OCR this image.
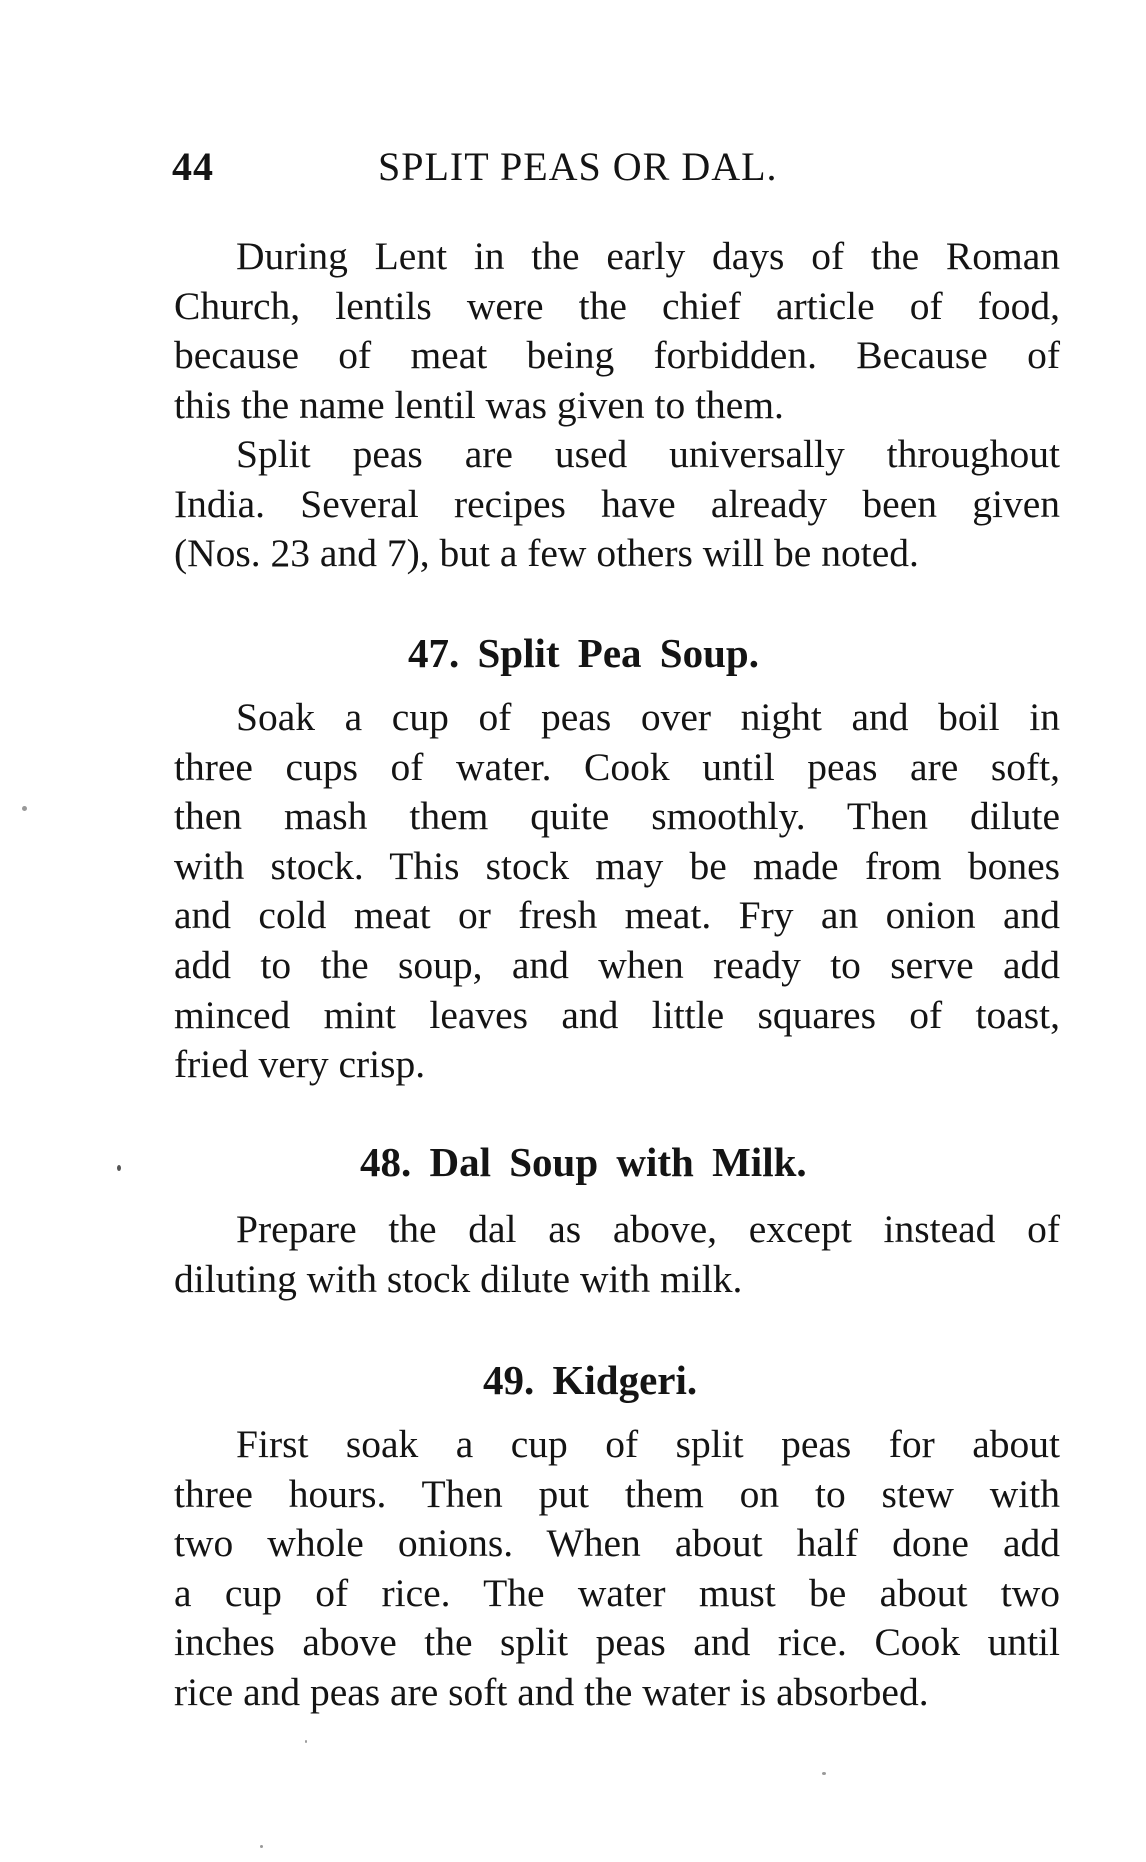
44	SPLIT PEAS OR DAL.

During Lent in the early days of the Roman

Church, lentils were the chief article of food,

because of meat being forbidden. Because of

this the name lentil was given to them.

Split peas are used universally throughout

India. Several recipes have already been given

(Nos. 23 and 7), but a few others will be noted.

47. Split Pea Soup.

Soak a cup of peas over night and boil in

three cups of water. Cook until peas are soft,

then mash them quite smoothly. Then dilute

with stock. This stock may be made from bones

and cold meat or fresh meat. Fry an onion and

add to the soup, and when ready to serve add

minced mint leaves and little squares of toast,

fried very crisp.

48. Dal Soup with Milk.

Prepare the dal as above, except instead of

diluting with stock dilute with milk.

49. Kidgeri.

First soak a cup of split peas for about

three hours. Then put them on to stew with

two whole onions. When about half done add

a cup of rice. The water must be about two

inches above the split peas and rice. Cook until

rice and peas are soft and the water is absorbed.
